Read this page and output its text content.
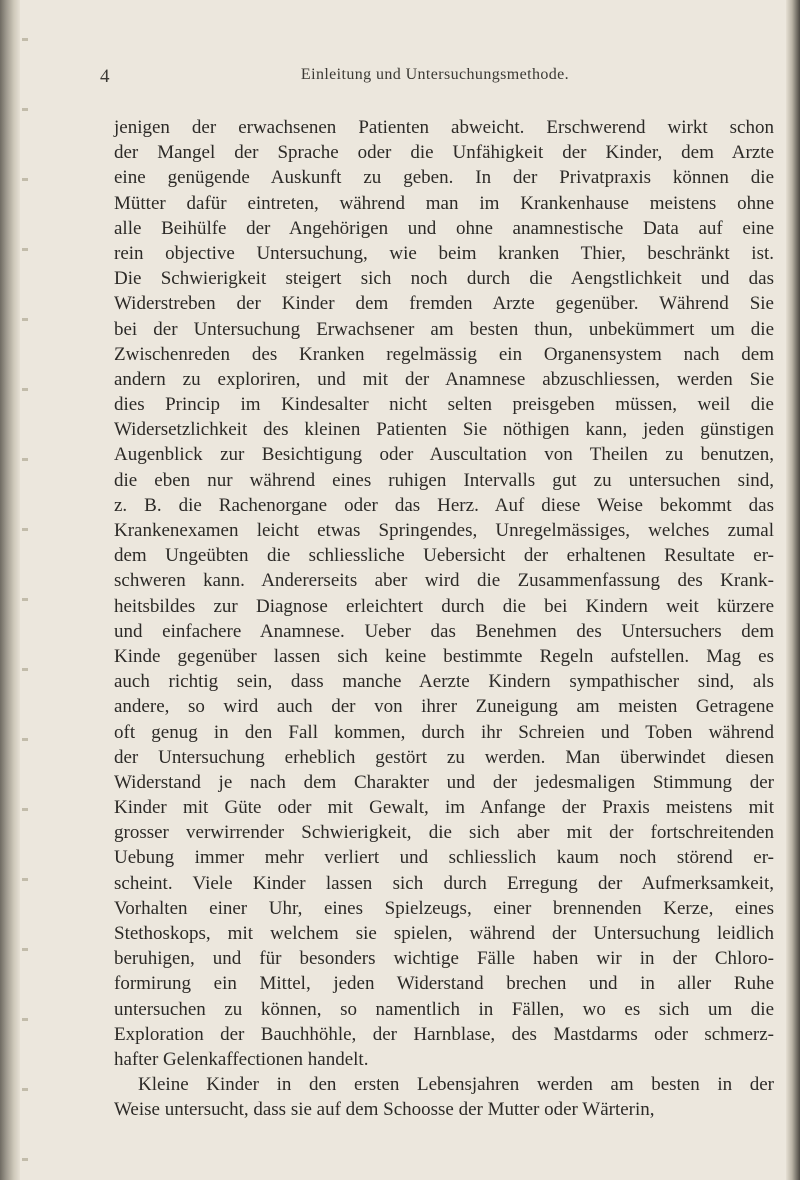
4	Einleitung und Untersuchungsmethode.
jenigen der erwachsenen Patienten abweicht. Erschwerend wirkt schon
der Mangel der Sprache oder die Unfähigkeit der Kinder, dem Arzte
eine genügende Auskunft zu geben. In der Privatpraxis können die
Mütter dafür eintreten, während man im Krankenhause meistens ohne
alle Beihülfe der Angehörigen und ohne anamnestische Data auf eine
rein objective Untersuchung, wie beim kranken Thier, beschränkt ist.
Die Schwierigkeit steigert sich noch durch die Aengstlichkeit und das
Widerstreben der Kinder dem fremden Arzte gegenüber. Während Sie
bei der Untersuchung Erwachsener am besten thun, unbekümmert um die
Zwischenreden des Kranken regelmässig ein Organensystem nach dem
andern zu exploriren, und mit der Anamnese abzuschliessen, werden Sie
dies Princip im Kindesalter nicht selten preisgeben müssen, weil die
Widersetzlichkeit des kleinen Patienten Sie nöthigen kann, jeden günstigen
Augenblick zur Besichtigung oder Auscultation von Theilen zu benutzen,
die eben nur während eines ruhigen Intervalls gut zu untersuchen sind,
z. B. die Rachenorgane oder das Herz. Auf diese Weise bekommt das
Krankenexamen leicht etwas Springendes, Unregelmässiges, welches zumal
dem Ungeübten die schliessliche Uebersicht der erhaltenen Resultate er-
schweren kann. Andererseits aber wird die Zusammenfassung des Krank-
heitsbildes zur Diagnose erleichtert durch die bei Kindern weit kürzere
und einfachere Anamnese. Ueber das Benehmen des Untersuchers dem
Kinde gegenüber lassen sich keine bestimmte Regeln aufstellen. Mag es
auch richtig sein, dass manche Aerzte Kindern sympathischer sind, als
andere, so wird auch der von ihrer Zuneigung am meisten Getragene
oft genug in den Fall kommen, durch ihr Schreien und Toben während
der Untersuchung erheblich gestört zu werden. Man überwindet diesen
Widerstand je nach dem Charakter und der jedesmaligen Stimmung der
Kinder mit Güte oder mit Gewalt, im Anfange der Praxis meistens mit
grosser verwirrender Schwierigkeit, die sich aber mit der fortschreitenden
Uebung immer mehr verliert und schliesslich kaum noch störend er-
scheint. Viele Kinder lassen sich durch Erregung der Aufmerksamkeit,
Vorhalten einer Uhr, eines Spielzeugs, einer brennenden Kerze, eines
Stethoskops, mit welchem sie spielen, während der Untersuchung leidlich
beruhigen, und für besonders wichtige Fälle haben wir in der Chloro-
formirung ein Mittel, jeden Widerstand brechen und in aller Ruhe
untersuchen zu können, so namentlich in Fällen, wo es sich um die
Exploration der Bauchhöhle, der Harnblase, des Mastdarms oder schmerz-
hafter Gelenkaffectionen handelt.
Kleine Kinder in den ersten Lebensjahren werden am besten in der
Weise untersucht, dass sie auf dem Schoosse der Mutter oder Wärterin,
